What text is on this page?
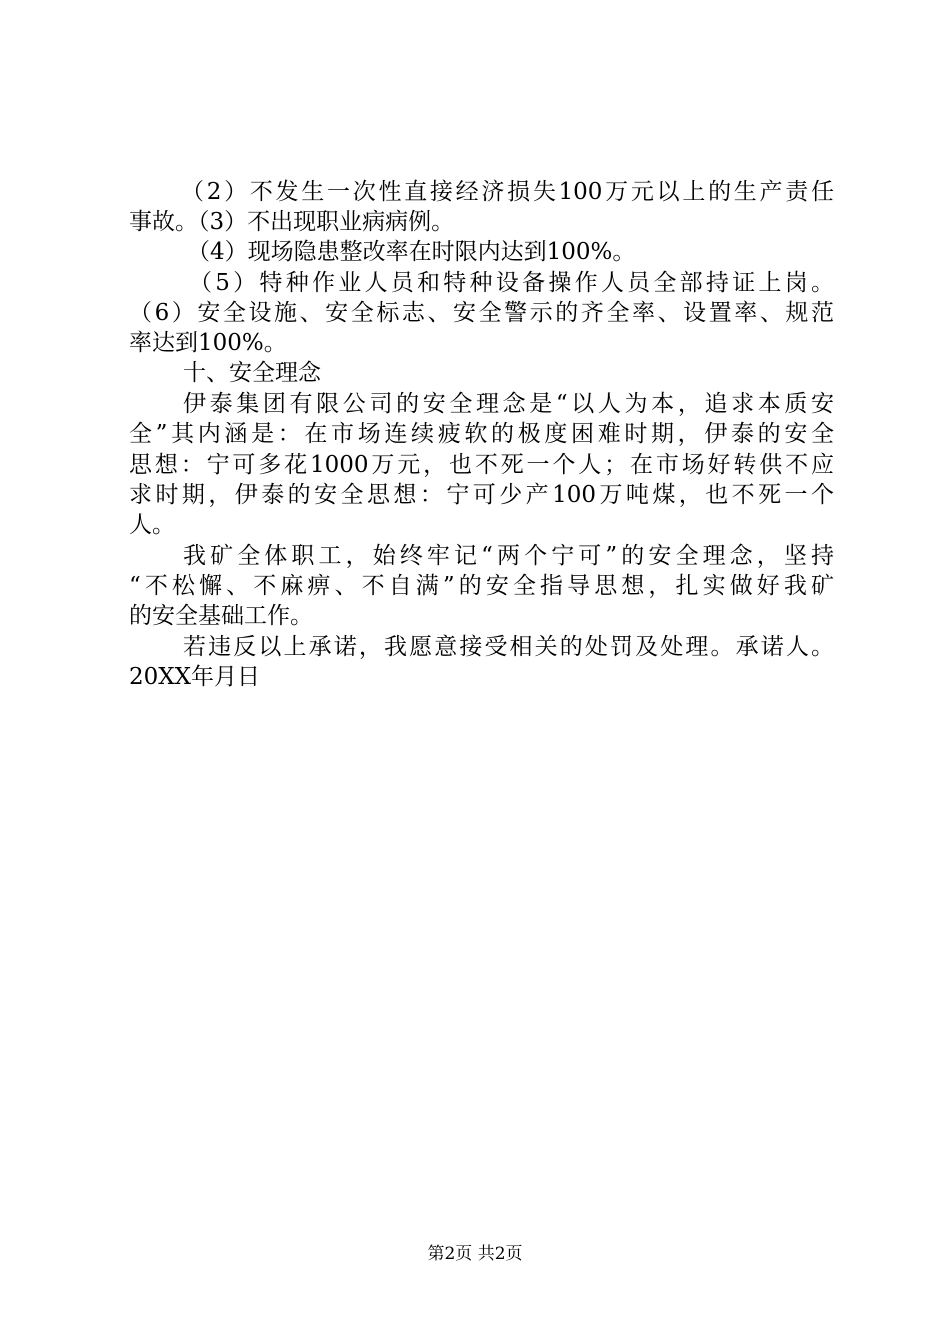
（2）不发生一次性直接经济损失100万元以上的生产责任
事故。（3）不出现职业病病例。
（4）现场隐患整改率在时限内达到100%。
（5）特种作业人员和特种设备操作人员全部持证上岗。
（6）安全设施、安全标志、安全警示的齐全率、设置率、规范
率达到100%。
十、安全理念
伊泰集团有限公司的安全理念是“以人为本，追求本质安
全”其内涵是：在市场连续疲软的极度困难时期，伊泰的安全
思想：宁可多花1000万元，也不死一个人；在市场好转供不应
求时期，伊泰的安全思想：宁可少产100万吨煤，也不死一个
人。
我矿全体职工，始终牢记“两个宁可”的安全理念，坚持
“不松懈、不麻痹、不自满”的安全指导思想，扎实做好我矿
的安全基础工作。
若违反以上承诺，我愿意接受相关的处罚及处理。承诺人。
20XX年月日
第2页 共2页
